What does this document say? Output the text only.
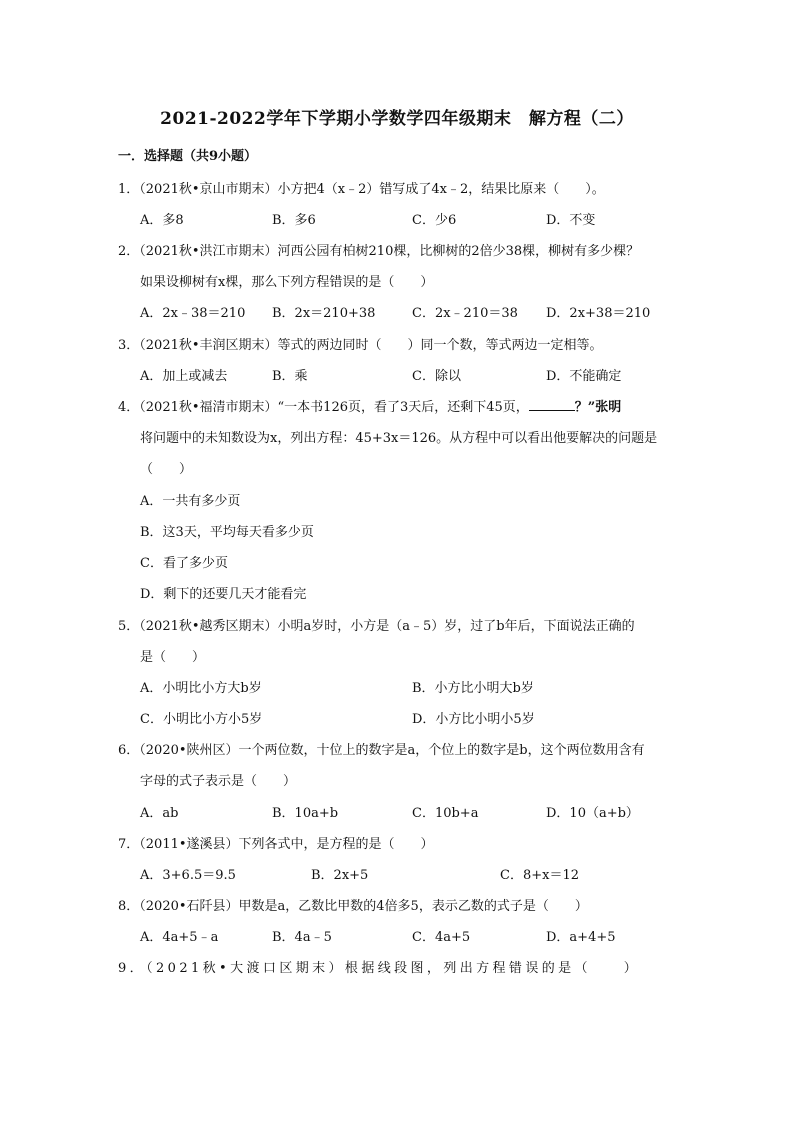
2021-2022学年下学期小学数学四年级期末　解方程（二）
一．选择题（共9小题）
1．（2021秋•京山市期末）小方把4（x﹣2）错写成了4x﹣2，结果比原来（　　）。
A．多8	B．多6	C．少6	D．不变
2．（2021秋•洪江市期末）河西公园有柏树210棵，比柳树的2倍少38棵，柳树有多少棵？
如果设柳树有x棵，那么下列方程错误的是（　　）
A．2x﹣38＝210 B．2x＝210+38	C．2x﹣210＝38 D．2x+38＝210
3．（2021秋•丰润区期末）等式的两边同时（　　）同一个数，等式两边一定相等。
A．加上或减去	B．乘	C．除以	D．不能确定
4．（2021秋•福清市期末）“一本书126页，看了3天后，还剩下45页，	？”张明
将问题中的未知数设为x，列出方程：45+3x＝126。从方程中可以看出他要解决的问题是
（　　）
A．一共有多少页
B．这3天，平均每天看多少页
C．看了多少页
D．剩下的还要几天才能看完
5．（2021秋•越秀区期末）小明a岁时，小方是（a﹣5）岁，过了b年后，下面说法正确的
是（　　）
A．小明比小方大b岁	B．小方比小明大b岁
C．小明比小方小5岁	D．小方比小明小5岁
6．（2020•陕州区）一个两位数，十位上的数字是a，个位上的数字是b，这个两位数用含有
字母的式子表示是（　　）
A．ab	B．10a+b	C．10b+a	D．10（a+b）
7．（2011•遂溪县）下列各式中，是方程的是（　　）
A．3+6.5＝9.5	B．2x+5	C．8+x＝12
8．（2020•石阡县）甲数是a，乙数比甲数的4倍多5，表示乙数的式子是（　　）
A．4a+5﹣a	B．4a﹣5	C．4a+5	D．a+4+5
9．（2021秋•大渡口区期末）根据线段图，列出方程错误的是（　　）
